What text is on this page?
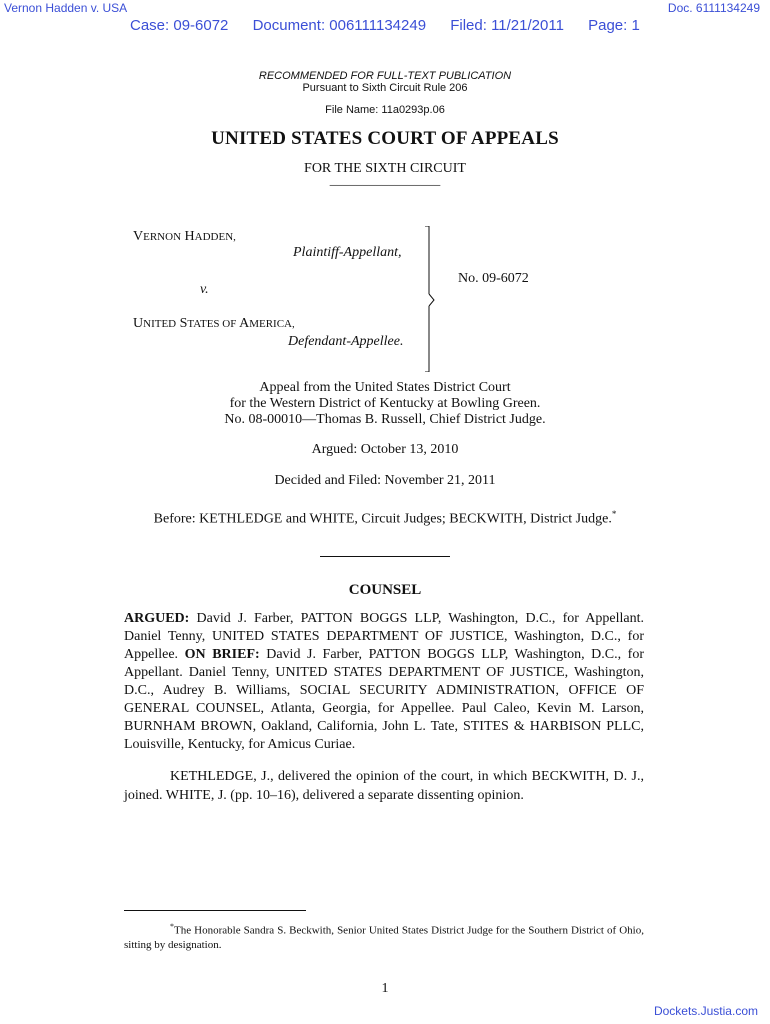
Vernon Hadden v. USA	Doc. 6111134249
Case: 09-6072 Document: 006111134249 Filed: 11/21/2011 Page: 1
RECOMMENDED FOR FULL-TEXT PUBLICATION
Pursuant to Sixth Circuit Rule 206
File Name: 11a0293p.06
UNITED STATES COURT OF APPEALS
FOR THE SIXTH CIRCUIT
_________________
VERNON HADDEN,
Plaintiff-Appellant,
v.
UNITED STATES OF AMERICA,
Defendant-Appellee.
No. 09-6072
Appeal from the United States District Court
for the Western District of Kentucky at Bowling Green.
No. 08-00010—Thomas B. Russell, Chief District Judge.
Argued: October 13, 2010
Decided and Filed: November 21, 2011
Before: KETHLEDGE and WHITE, Circuit Judges; BECKWITH, District Judge.*
COUNSEL
ARGUED: David J. Farber, PATTON BOGGS LLP, Washington, D.C., for Appellant. Daniel Tenny, UNITED STATES DEPARTMENT OF JUSTICE, Washington, D.C., for Appellee. ON BRIEF: David J. Farber, PATTON BOGGS LLP, Washington, D.C., for Appellant. Daniel Tenny, UNITED STATES DEPARTMENT OF JUSTICE, Washington, D.C., Audrey B. Williams, SOCIAL SECURITY ADMINISTRATION, OFFICE OF GENERAL COUNSEL, Atlanta, Georgia, for Appellee. Paul Caleo, Kevin M. Larson, BURNHAM BROWN, Oakland, California, John L. Tate, STITES & HARBISON PLLC, Louisville, Kentucky, for Amicus Curiae.
KETHLEDGE, J., delivered the opinion of the court, in which BECKWITH, D. J., joined. WHITE, J. (pp. 10–16), delivered a separate dissenting opinion.
*The Honorable Sandra S. Beckwith, Senior United States District Judge for the Southern District of Ohio, sitting by designation.
1
Dockets.Justia.com
